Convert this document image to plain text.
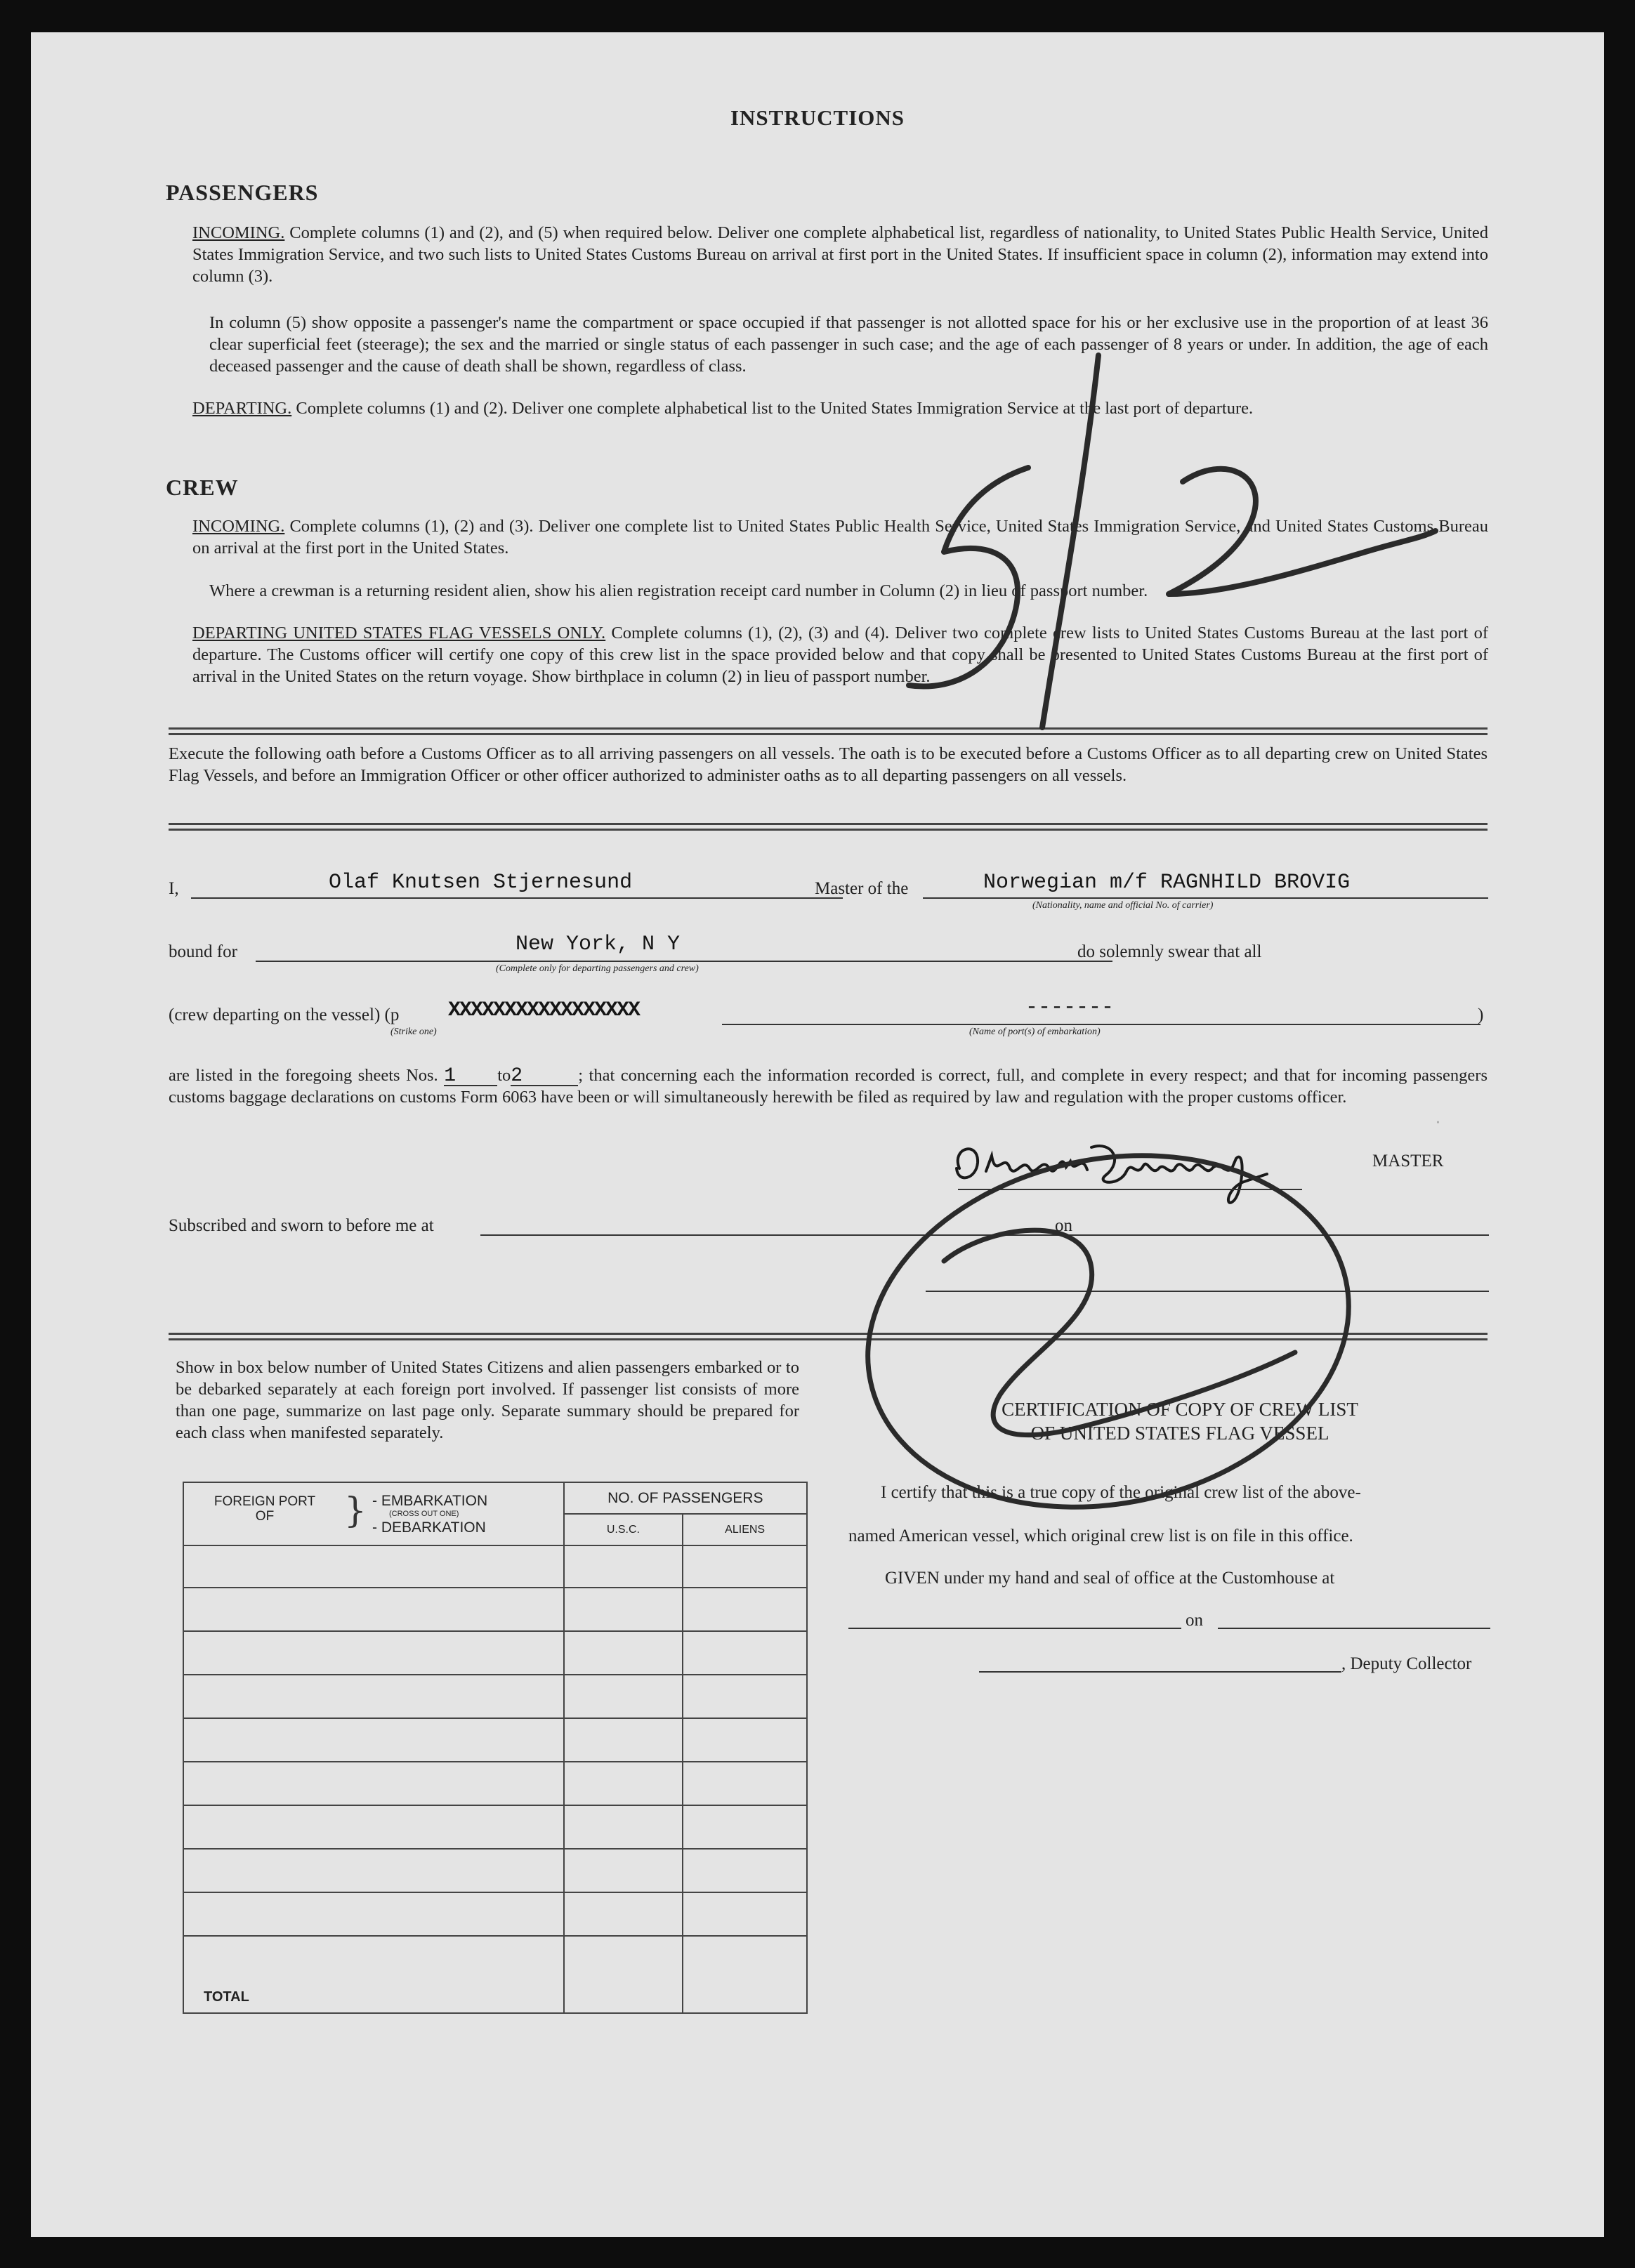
INSTRUCTIONS
PASSENGERS
INCOMING. Complete columns (1) and (2), and (5) when required below. Deliver one complete alphabetical list, regardless of nationality, to United States Public Health Service, United States Immigration Service, and two such lists to United States Customs Bureau on arrival at first port in the United States. If insufficient space in column (2), information may extend into column (3).
In column (5) show opposite a passenger's name the compartment or space occupied if that passenger is not allotted space for his or her exclusive use in the proportion of at least 36 clear superficial feet (steerage); the sex and the married or single status of each passenger in such case; and the age of each passenger of 8 years or under. In addition, the age of each deceased passenger and the cause of death shall be shown, regardless of class.
DEPARTING. Complete columns (1) and (2). Deliver one complete alphabetical list to the United States Immigration Service at the last port of departure.
CREW
INCOMING. Complete columns (1), (2) and (3). Deliver one complete list to United States Public Health Service, United States Immigration Service, and United States Customs Bureau on arrival at the first port in the United States.
Where a crewman is a returning resident alien, show his alien registration receipt card number in Column (2) in lieu of passport number.
DEPARTING UNITED STATES FLAG VESSELS ONLY. Complete columns (1), (2), (3) and (4). Deliver two complete crew lists to United States Customs Bureau at the last port of departure. The Customs officer will certify one copy of this crew list in the space provided below and that copy shall be presented to United States Customs Bureau at the first port of arrival in the United States on the return voyage. Show birthplace in column (2) in lieu of passport number.
Execute the following oath before a Customs Officer as to all arriving passengers on all vessels. The oath is to be executed before a Customs Officer as to all departing crew on United States Flag Vessels, and before an Immigration Officer or other officer authorized to administer oaths as to all departing passengers on all vessels.
I,	Olaf Knutsen Stjernesund	Master of the	Norwegian m/f RAGNHILD BROVIG
(Nationality, name and official No. of carrier)
bound for	New York, N Y
(Complete only for departing passengers and crew)
do solemnly swear that all
(crew departing on the vessel) (p XXXXXXXXXXXXXXXXX
(Strike one)
-------
(Name of port(s) of embarkation)
)
are listed in the foregoing sheets Nos. 1 to2	; that concerning each the information recorded is correct, full, and complete in every respect; and that for incoming passengers customs baggage declarations on customs Form 6063 have been or will simultaneously herewith be filed as required by law and regulation with the proper customs officer.
MASTER
Subscribed and sworn to before me at	on
Show in box below number of United States Citizens and alien passengers embarked or to be debarked separately at each foreign port involved. If passenger list consists of more than one page, summarize on last page only. Separate summary should be prepared for each class when manifested separately.
FOREIGN PORT OF } - EMBARKATION
(CROSS OUT ONE)
- DEBARKATION	NO. OF PASSENGERS	
	U.S.C.	ALIENS

TOTAL		

CERTIFICATION OF COPY OF CREW LIST
OF UNITED STATES FLAG VESSEL
I certify that this is a true copy of the original crew list of the above-
named American vessel, which original crew list is on file in this office.
GIVEN under my hand and seal of office at the Customhouse at
on
, Deputy Collector
·
